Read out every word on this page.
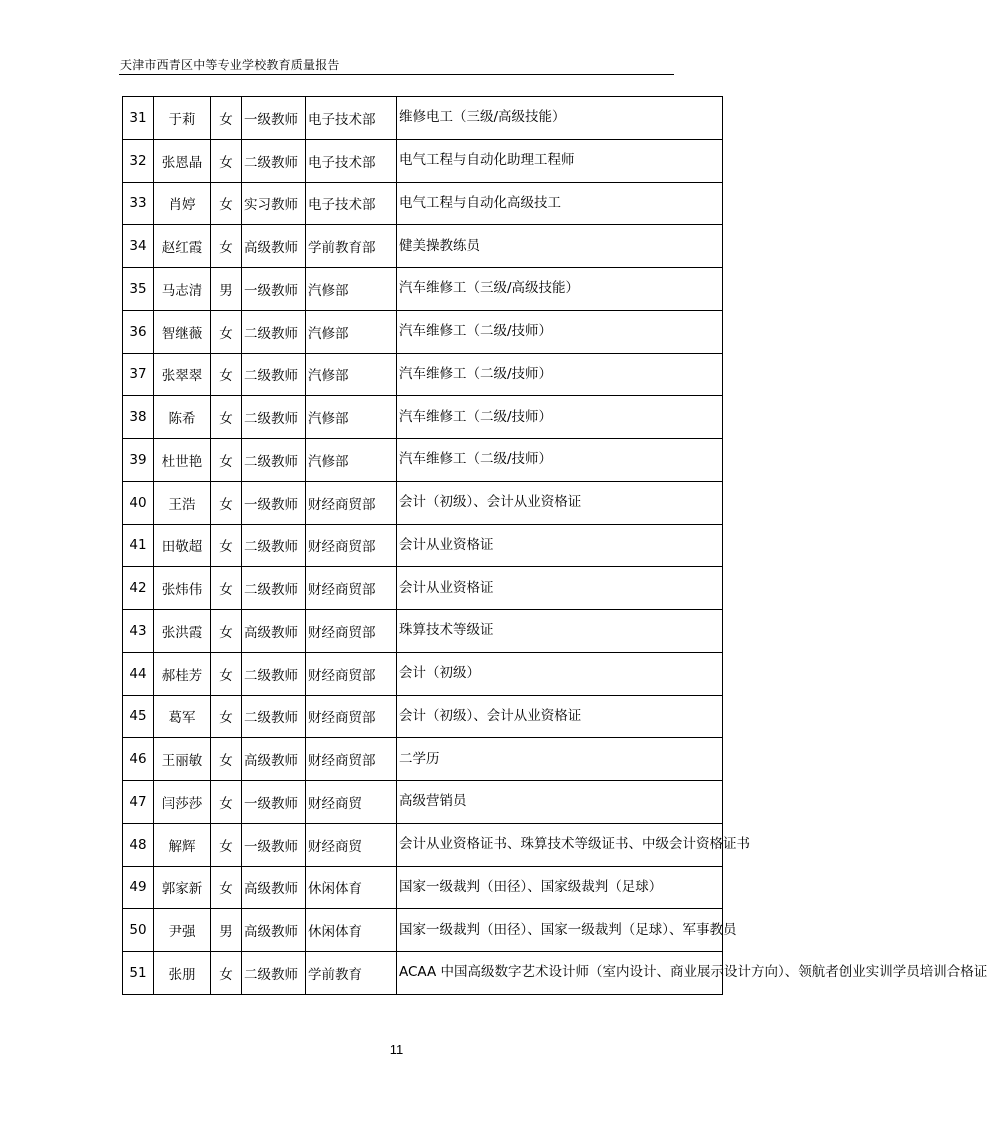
天津市西青区中等专业学校教育质量报告
31	于莉	女	一级教师	电子技术部	维修电工（三级/高级技能）
32	张恩晶	女	二级教师	电子技术部	电气工程与自动化助理工程师
33	肖婷	女	实习教师	电子技术部	电气工程与自动化高级技工
34	赵红霞	女	高级教师	学前教育部	健美操教练员
35	马志清	男	一级教师	汽修部	汽车维修工（三级/高级技能）
36	智继薇	女	二级教师	汽修部	汽车维修工（二级/技师）
37	张翠翠	女	二级教师	汽修部	汽车维修工（二级/技师）
38	陈希	女	二级教师	汽修部	汽车维修工（二级/技师）
39	杜世艳	女	二级教师	汽修部	汽车维修工（二级/技师）
40	王浩	女	一级教师	财经商贸部	会计（初级）、会计从业资格证
41	田敬超	女	二级教师	财经商贸部	会计从业资格证
42	张炜伟	女	二级教师	财经商贸部	会计从业资格证
43	张洪霞	女	高级教师	财经商贸部	珠算技术等级证
44	郝桂芳	女	二级教师	财经商贸部	会计（初级）
45	葛军	女	二级教师	财经商贸部	会计（初级）、会计从业资格证
46	王丽敏	女	高级教师	财经商贸部	二学历
47	闫莎莎	女	一级教师	财经商贸	高级营销员
48	解辉	女	一级教师	财经商贸	会计从业资格证书、珠算技术等级证书、中级会计资格证书
49	郭家新	女	高级教师	休闲体育	国家一级裁判（田径）、国家级裁判（足球）
50	尹强	男	高级教师	休闲体育	国家一级裁判（田径）、国家一级裁判（足球）、军事教员
51	张朋	女	二级教师	学前教育	ACAA 中国高级数字艺术设计师（室内设计、商业展示设计方向）、领航者创业实训学员培训合格证
11
